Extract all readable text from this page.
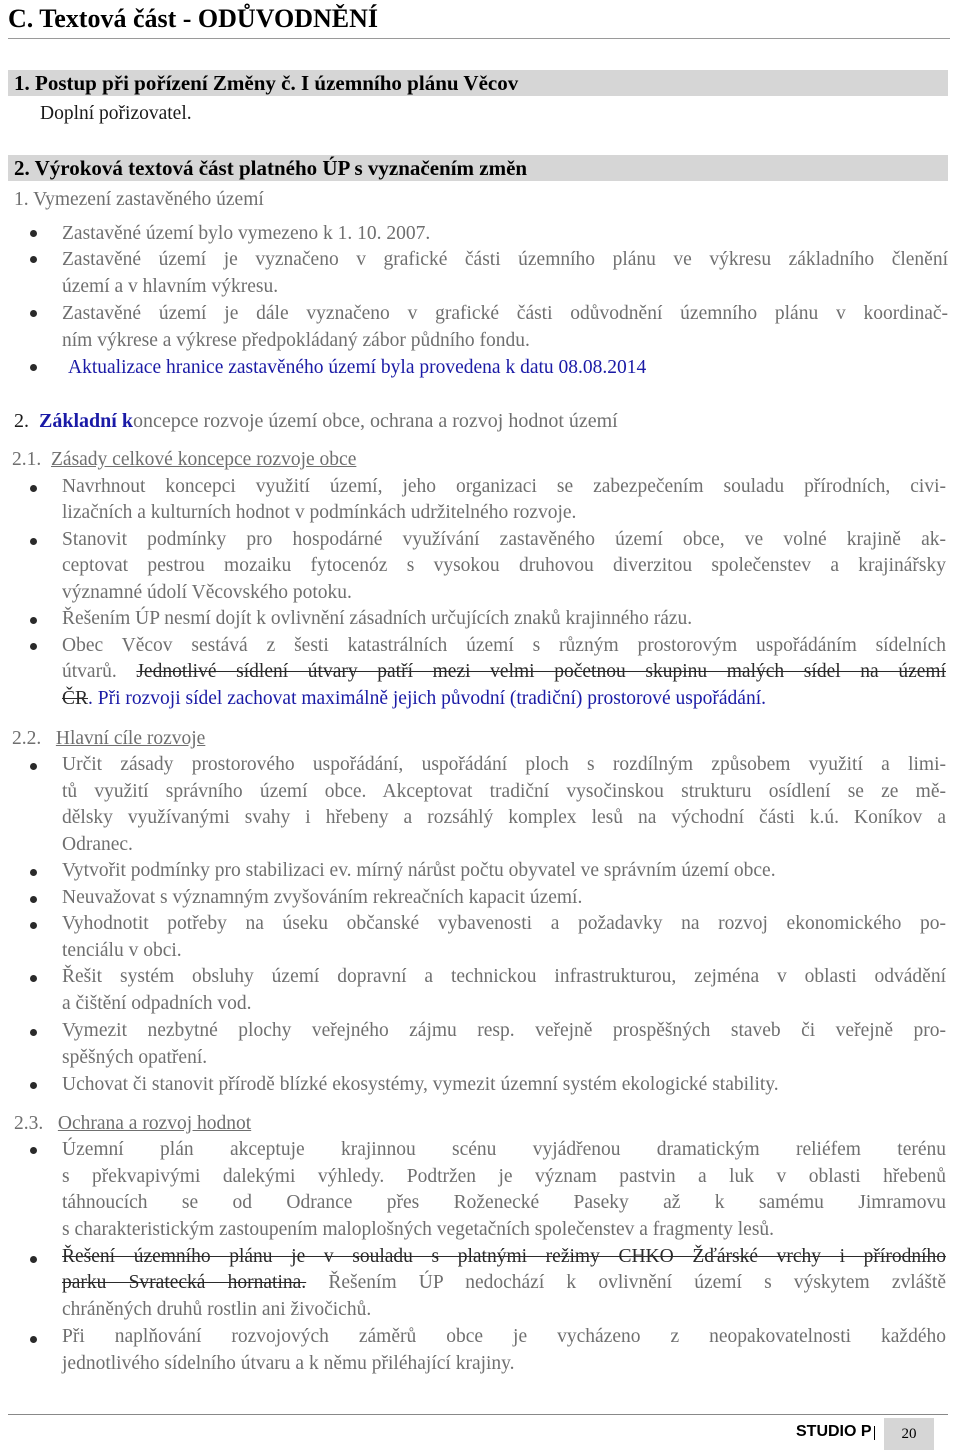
C. Textová část - ODŮVODNĚNÍ
1. Postup při pořízení Změny č. I územního plánu Věcov
Doplní pořizovatel.
2. Výroková textová část platného ÚP s vyznačením změn
1. Vymezení zastavěného území
Zastavěné území bylo vymezeno k 1. 10. 2007.
Zastavěné území je vyznačeno v grafické části územního plánu ve výkresu základního členění
území a v hlavním výkresu.
Zastavěné území je dále vyznačeno v grafické části odůvodnění územního plánu v koordinač-
ním výkrese a výkrese předpokládaný zábor půdního fondu.
Aktualizace hranice zastavěného území byla provedena k datu 08.08.2014
2. Základní koncepce rozvoje území obce, ochrana a rozvoj hodnot území
2.1. Zásady celkové koncepce rozvoje obce
Navrhnout koncepci využití území, jeho organizaci se zabezpečením souladu přírodních, civi-
lizačních a kulturních hodnot v podmínkách udržitelného rozvoje.
Stanovit podmínky pro hospodárné využívání zastavěného území obce, ve volné krajině ak-
ceptovat pestrou mozaiku fytocenóz s vysokou druhovou diverzitou společenstev a krajinářsky
významné údolí Věcovského potoku.
Řešením ÚP nesmí dojít k ovlivnění zásadních určujících znaků krajinného rázu.
Obec Věcov sestává z šesti katastrálních území s různým prostorovým uspořádáním sídelních
útvarů. Jednotlivé sídlení útvary patří mezi velmi početnou skupinu malých sídel na území
ČR. Při rozvoji sídel zachovat maximálně jejich původní (tradiční) prostorové uspořádání.
2.2. Hlavní cíle rozvoje
Určit zásady prostorového uspořádání, uspořádání ploch s rozdílným způsobem využití a limi-
tů využití správního území obce. Akceptovat tradiční vysočinskou strukturu osídlení se ze mě-
dělsky využívanými svahy i hřebeny a rozsáhlý komplex lesů na východní části k.ú. Koníkov a
Odranec.
Vytvořit podmínky pro stabilizaci ev. mírný nárůst počtu obyvatel ve správním území obce.
Neuvažovat s významným zvyšováním rekreačních kapacit území.
Vyhodnotit potřeby na úseku občanské vybavenosti a požadavky na rozvoj ekonomického po-
tenciálu v obci.
Řešit systém obsluhy území dopravní a technickou infrastrukturou, zejména v oblasti odvádění
a čištění odpadních vod.
Vymezit nezbytné plochy veřejného zájmu resp. veřejně prospěšných staveb či veřejně pro-
spěšných opatření.
Uchovat či stanovit přírodě blízké ekosystémy, vymezit územní systém ekologické stability.
2.3. Ochrana a rozvoj hodnot
Územní plán akceptuje krajinnou scénu vyjádřenou dramatickým reliéfem terénu
s překvapivými dalekými výhledy. Podtržen je význam pastvin a luk v oblasti hřebenů
táhnoucích se od Odrance přes Roženecké Paseky až k samému Jimramovu
s charakteristickým zastoupením maloplošných vegetačních společenstev a fragmenty lesů.
Řešení územního plánu je v souladu s platnými režimy CHKO Žďárské vrchy i přírodního
parku Svratecká hornatina. Řešením ÚP nedochází k ovlivnění území s výskytem zvláště
chráněných druhů rostlin ani živočichů.
Při naplňování rozvojových záměrů obce je vycházeno z neopakovatelnosti každého
jednotlivého sídelního útvaru a k němu přiléhající krajiny.
STUDIO P	20
